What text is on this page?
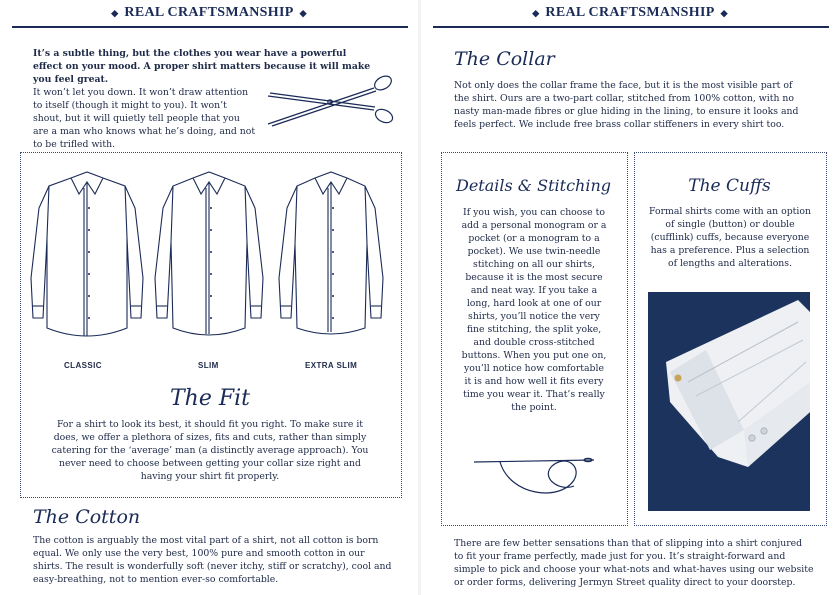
◆ REAL CRAFTSMANSHIP ◆
It’s a subtle thing, but the clothes you wear have a powerful effect on your mood. A proper shirt matters because it will make you feel great.

It won’t let you down. It won’t draw attention to itself (though it might to you). It won’t shout, but it will quietly tell people that you are a man who knows what he’s doing, and not to be trifled with.
CLASSIC	SLIM	EXTRA SLIM
The Fit
For a shirt to look its best, it should fit you right. To make sure it does, we offer a plethora of sizes, fits and cuts, rather than simply catering for the ‘average’ man (a distinctly average approach). You never need to choose between getting your collar size right and having your shirt fit properly.
The Cotton
The cotton is arguably the most vital part of a shirt, not all cotton is born equal. We only use the very best, 100% pure and smooth cotton in our shirts. The result is wonderfully soft (never itchy, stiff or scratchy), cool and easy-breathing, not to mention ever-so comfortable.
◆ REAL CRAFTSMANSHIP ◆
The Collar
Not only does the collar frame the face, but it is the most visible part of the shirt. Ours are a two-part collar, stitched from 100% cotton, with no nasty man-made fibres or glue hiding in the lining, to ensure it looks and feels perfect. We include free brass collar stiffeners in every shirt too.
Details & Stitching
If you wish, you can choose to add a personal monogram or a pocket (or a monogram to a pocket). We use twin-needle stitching on all our shirts, because it is the most secure and neat way. If you take a long, hard look at one of our shirts, you’ll notice the very fine stitching, the split yoke, and double cross-stitched buttons. When you put one on, you’ll notice how comfortable it is and how well it fits every time you wear it. That’s really the point.
The Cuffs
Formal shirts come with an option of single (button) or double (cufflink) cuffs, because everyone has a preference. Plus a selection of lengths and alterations.
There are few better sensations than that of slipping into a shirt conjured to fit your frame perfectly, made just for you. It’s straight-forward and simple to pick and choose your what-nots and what-haves using our website or order forms, delivering Jermyn Street quality direct to your doorstep.
